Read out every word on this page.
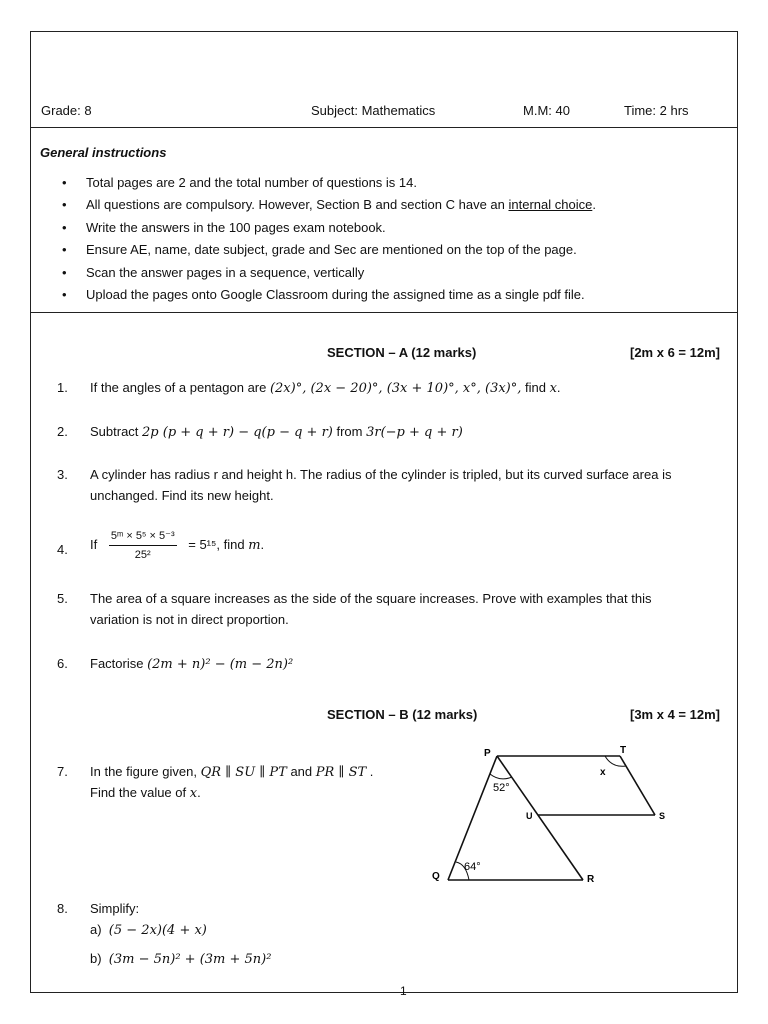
Grade: 8	Subject: Mathematics	M.M: 40	Time: 2 hrs
General instructions
• Total pages are 2 and the total number of questions is 14.
• All questions are compulsory. However, Section B and section C have an internal choice.
• Write the answers in the 100 pages exam notebook.
• Ensure AE, name, date subject, grade and Sec are mentioned on the top of the page.
• Scan the answer pages in a sequence, vertically
• Upload the pages onto Google Classroom during the assigned time as a single pdf file.
SECTION – A (12 marks)	[2m x 6 = 12m]
1. If the angles of a pentagon are (2x)°, (2x − 20)°, (3x + 10)°, x°, (3x)°, find x.
2. Subtract 2p (p + q + r) − q(p − q + r) from 3r(−p + q + r)
3. A cylinder has radius r and height h. The radius of the cylinder is tripled, but its curved surface area is
unchanged. Find its new height.
4. If $\frac{\text{5ᵐ × 5⁵ × 5⁻³}}{\text{25²}} = 5^{15}$, find m.
5. The area of a square increases as the side of the square increases. Prove with examples that this
variation is not in direct proportion.
6. Factorise (2m + n)² − (m − 2n)²
SECTION – B (12 marks)	[3m x 4 = 12m]
7. In the figure given, QR ∥ SU ∥ PT and PR ∥ ST .
Find the value of x.
P	T
U	S
Q	R
x
52°
64°
8. Simplify:
a) (5 − 2x)(4 + x)
b) (3m − 5n)² + (3m + 5n)²
1
